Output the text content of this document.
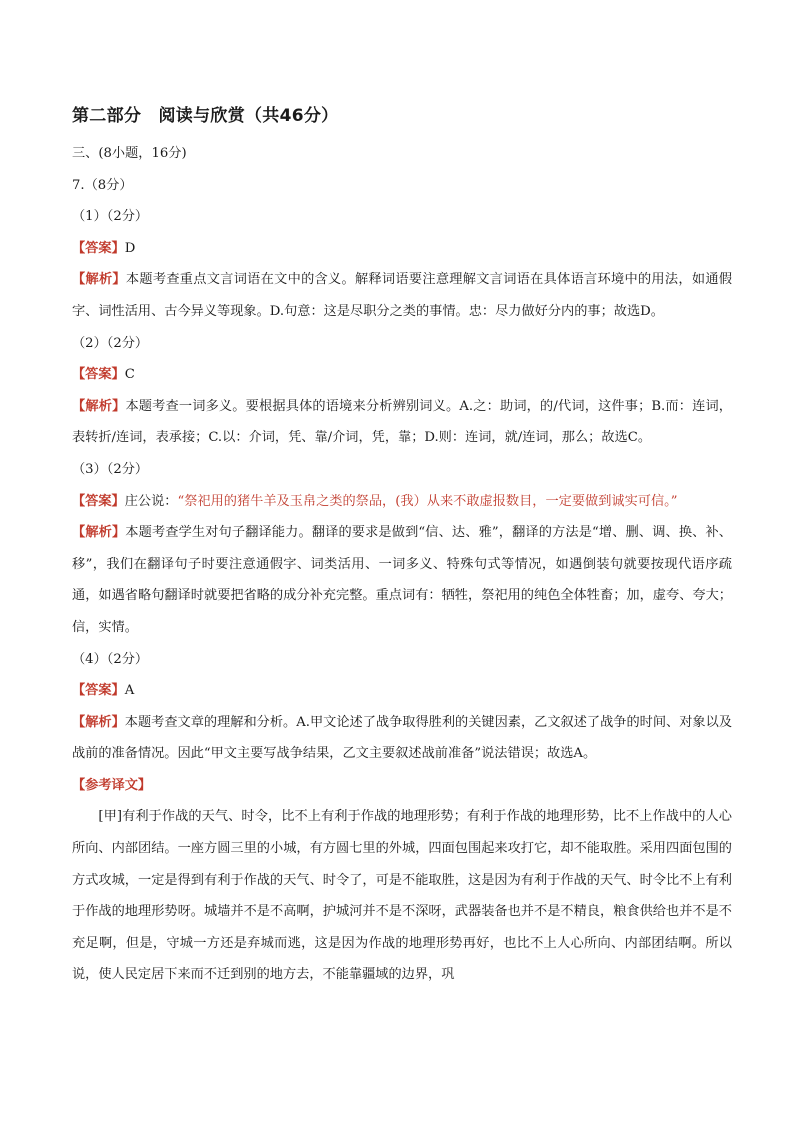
第二部分　阅读与欣赏（共46分）

三、(8小题，16分)

7.（8分）

（1）（2分）

【答案】D

【解析】本题考查重点文言词语在文中的含义。解释词语要注意理解文言词语在具体语言环境中的用法，如通假字、词性活用、古今异义等现象。D.句意：这是尽职分之类的事情。忠：尽力做好分内的事；故选D。

（2）（2分）

【答案】C

【解析】本题考查一词多义。要根据具体的语境来分析辨别词义。A.之：助词，的/代词，这件事；B.而：连词，表转折/连词，表承接；C.以：介词，凭、靠/介词，凭，靠；D.则：连词，就/连词，那么；故选C。

（3）（2分）

【答案】庄公说：“祭祀用的猪牛羊及玉帛之类的祭品，(我）从来不敢虚报数目，一定要做到诚实可信。”

【解析】本题考查学生对句子翻译能力。翻译的要求是做到“信、达、雅”，翻译的方法是“增、删、调、换、补、移”，我们在翻译句子时要注意通假字、词类活用、一词多义、特殊句式等情况，如遇倒装句就要按现代语序疏通，如遇省略句翻译时就要把省略的成分补充完整。重点词有：牺牲，祭祀用的纯色全体牲畜；加，虚夸、夸大；信，实情。

（4）（2分）

【答案】A

【解析】本题考查文章的理解和分析。A.甲文论述了战争取得胜利的关键因素，乙文叙述了战争的时间、对象以及战前的准备情况。因此“甲文主要写战争结果，乙文主要叙述战前准备”说法错误；故选A。

【参考译文】

[甲]有利于作战的天气、时令，比不上有利于作战的地理形势；有利于作战的地理形势，比不上作战中的人心所向、内部团结。一座方圆三里的小城，有方圆七里的外城，四面包围起来攻打它，却不能取胜。采用四面包围的方式攻城，一定是得到有利于作战的天气、时令了，可是不能取胜，这是因为有利于作战的天气、时令比不上有利于作战的地理形势呀。城墙并不是不高啊，护城河并不是不深呀，武器装备也并不是不精良，粮食供给也并不是不充足啊，但是，守城一方还是弃城而逃，这是因为作战的地理形势再好，也比不上人心所向、内部团结啊。所以说，使人民定居下来而不迁到别的地方去，不能靠疆域的边界，巩
